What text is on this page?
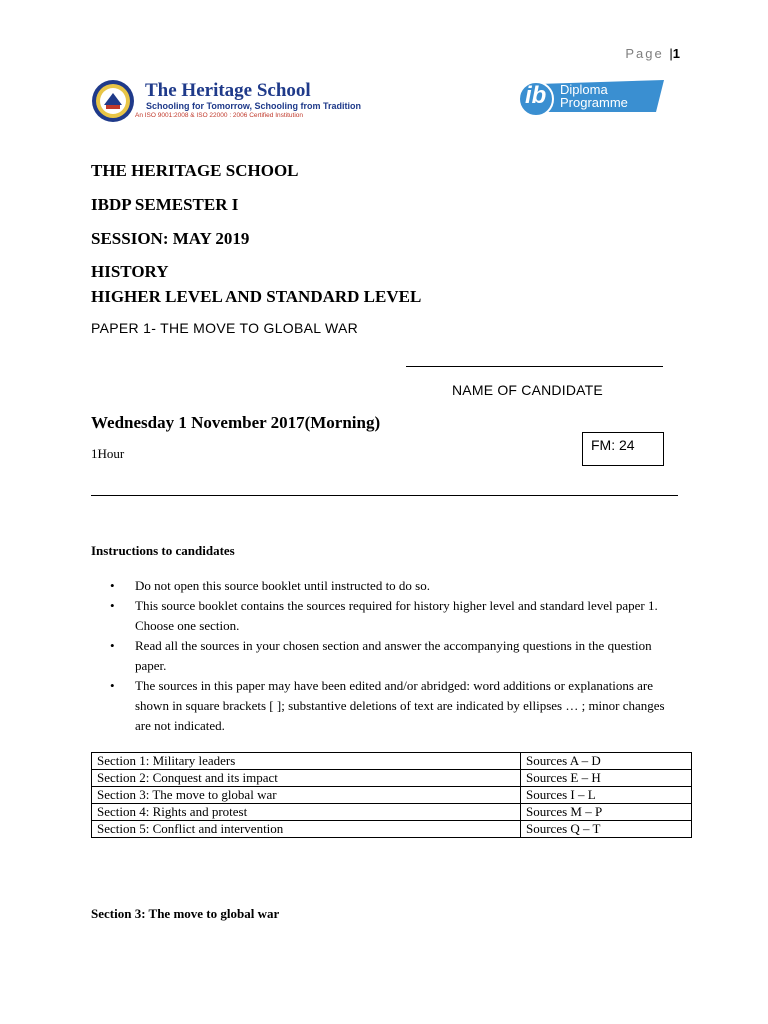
Page |1
The Heritage School
Schooling for Tomorrow, Schooling from Tradition
An ISO 9001:2008 & ISO 22000 : 2006 Certified Institution
ib Diploma
Programme
THE HERITAGE SCHOOL
IBDP SEMESTER I
SESSION: MAY 2019
HISTORY
HIGHER LEVEL AND STANDARD LEVEL
PAPER 1- THE MOVE TO GLOBAL WAR
NAME OF CANDIDATE
Wednesday 1 November 2017(Morning)
1Hour
FM: 24
Instructions to candidates
• Do not open this source booklet until instructed to do so.
• This source booklet contains the sources required for history higher level and standard level paper 1. Choose one section.
• Read all the sources in your chosen section and answer the accompanying questions in the question paper.
• The sources in this paper may have been edited and/or abridged: word additions or explanations are shown in square brackets [ ]; substantive deletions of text are indicated by ellipses … ; minor changes are not indicated.
Section 1: Military leaders	Sources A – D
Section 2: Conquest and its impact	Sources E – H
Section 3: The move to global war	Sources I – L
Section 4: Rights and protest	Sources M – P
Section 5: Conflict and intervention	Sources Q – T
Section 3: The move to global war
